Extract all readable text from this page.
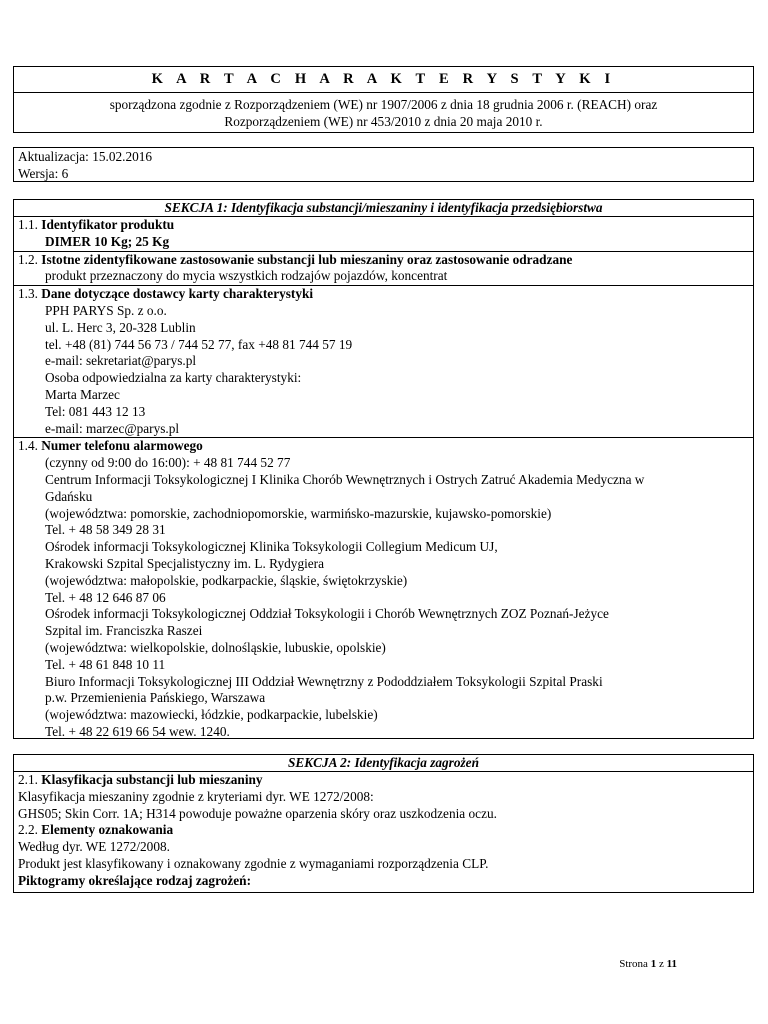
K A R T A C H A R A K T E R Y S T Y K I
sporządzona zgodnie z Rozporządzeniem (WE) nr 1907/2006 z dnia 18 grudnia 2006 r. (REACH) oraz
Rozporządzeniem (WE) nr 453/2010 z dnia 20 maja 2010 r.
Aktualizacja: 15.02.2016
Wersja: 6
SEKCJA 1: Identyfikacja substancji/mieszaniny i identyfikacja przedsiębiorstwa
1.1. Identyfikator produktu
DIMER 10 Kg; 25 Kg
1.2. Istotne zidentyfikowane zastosowanie substancji lub mieszaniny oraz zastosowanie odradzane
produkt przeznaczony do mycia wszystkich rodzajów pojazdów, koncentrat
1.3. Dane dotyczące dostawcy karty charakterystyki
PPH PARYS Sp. z o.o.
ul. L. Herc 3, 20-328 Lublin
tel. +48 (81) 744 56 73 / 744 52 77, fax +48 81 744 57 19
e-mail: sekretariat@parys.pl
Osoba odpowiedzialna za karty charakterystyki:
Marta Marzec
Tel: 081 443 12 13
e-mail: marzec@parys.pl
1.4. Numer telefonu alarmowego
(czynny od 9:00 do 16:00): + 48 81 744 52 77
Centrum Informacji Toksykologicznej I Klinika Chorób Wewnętrznych i Ostrych Zatruć Akademia Medyczna w
Gdańsku
(województwa: pomorskie, zachodniopomorskie, warmińsko-mazurskie, kujawsko-pomorskie)
Tel. + 48 58 349 28 31
Ośrodek informacji Toksykologicznej Klinika Toksykologii Collegium Medicum UJ,
Krakowski Szpital Specjalistyczny im. L. Rydygiera
(województwa: małopolskie, podkarpackie, śląskie, świętokrzyskie)
Tel. + 48 12 646 87 06
Ośrodek informacji Toksykologicznej Oddział Toksykologii i Chorób Wewnętrznych ZOZ Poznań-Jeżyce
Szpital im. Franciszka Raszei
(województwa: wielkopolskie, dolnośląskie, lubuskie, opolskie)
Tel. + 48 61 848 10 11
Biuro Informacji Toksykologicznej III Oddział Wewnętrzny z Pododdziałem Toksykologii Szpital Praski
p.w. Przemienienia Pańskiego, Warszawa
(województwa: mazowiecki, łódzkie, podkarpackie, lubelskie)
Tel. + 48 22 619 66 54 wew. 1240.
SEKCJA 2: Identyfikacja zagrożeń
2.1. Klasyfikacja substancji lub mieszaniny
Klasyfikacja mieszaniny zgodnie z kryteriami dyr. WE 1272/2008:
GHS05; Skin Corr. 1A; H314 powoduje poważne oparzenia skóry oraz uszkodzenia oczu.
2.2. Elementy oznakowania
Według dyr. WE 1272/2008.
Produkt jest klasyfikowany i oznakowany zgodnie z wymaganiami rozporządzenia CLP.
Piktogramy określające rodzaj zagrożeń:
Strona 1 z 11
